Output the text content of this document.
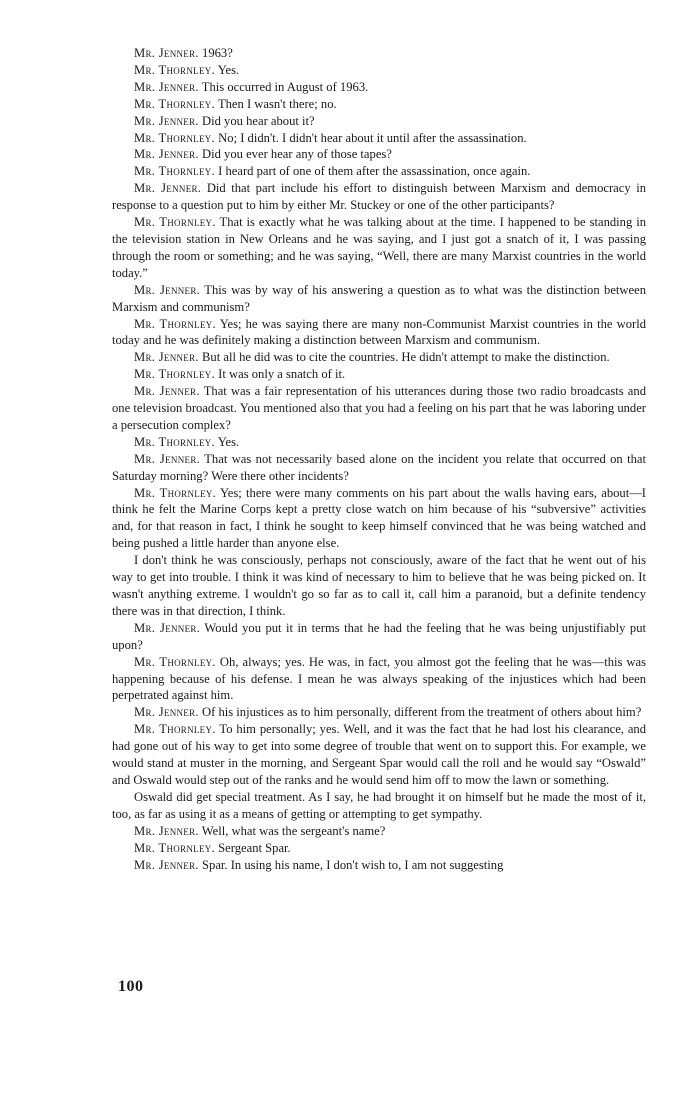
Mr. Jenner. 1963?

Mr. Thornley. Yes.

Mr. Jenner. This occurred in August of 1963.

Mr. Thornley. Then I wasn't there; no.

Mr. Jenner. Did you hear about it?

Mr. Thornley. No; I didn't. I didn't hear about it until after the assassination.

Mr. Jenner. Did you ever hear any of those tapes?

Mr. Thornley. I heard part of one of them after the assassination, once again.

Mr. Jenner. Did that part include his effort to distinguish between Marxism and democracy in response to a question put to him by either Mr. Stuckey or one of the other participants?

Mr. Thornley. That is exactly what he was talking about at the time. I happened to be standing in the television station in New Orleans and he was saying, and I just got a snatch of it, I was passing through the room or something; and he was saying, “Well, there are many Marxist countries in the world today.”

Mr. Jenner. This was by way of his answering a question as to what was the distinction between Marxism and communism?

Mr. Thornley. Yes; he was saying there are many non-Communist Marxist countries in the world today and he was definitely making a distinction between Marxism and communism.

Mr. Jenner. But all he did was to cite the countries. He didn't attempt to make the distinction.

Mr. Thornley. It was only a snatch of it.

Mr. Jenner. That was a fair representation of his utterances during those two radio broadcasts and one television broadcast. You mentioned also that you had a feeling on his part that he was laboring under a persecution complex?

Mr. Thornley. Yes.

Mr. Jenner. That was not necessarily based alone on the incident you relate that occurred on that Saturday morning? Were there other incidents?

Mr. Thornley. Yes; there were many comments on his part about the walls having ears, about—I think he felt the Marine Corps kept a pretty close watch on him because of his “subversive” activities and, for that reason in fact, I think he sought to keep himself convinced that he was being watched and being pushed a little harder than anyone else.

I don't think he was consciously, perhaps not consciously, aware of the fact that he went out of his way to get into trouble. I think it was kind of necessary to him to believe that he was being picked on. It wasn't anything extreme. I wouldn't go so far as to call it, call him a paranoid, but a definite tendency there was in that direction, I think.

Mr. Jenner. Would you put it in terms that he had the feeling that he was being unjustifiably put upon?

Mr. Thornley. Oh, always; yes. He was, in fact, you almost got the feeling that he was—this was happening because of his defense. I mean he was always speaking of the injustices which had been perpetrated against him.

Mr. Jenner. Of his injustices as to him personally, different from the treatment of others about him?

Mr. Thornley. To him personally; yes. Well, and it was the fact that he had lost his clearance, and had gone out of his way to get into some degree of trouble that went on to support this. For example, we would stand at muster in the morning, and Sergeant Spar would call the roll and he would say “Oswald” and Oswald would step out of the ranks and he would send him off to mow the lawn or something.

Oswald did get special treatment. As I say, he had brought it on himself but he made the most of it, too, as far as using it as a means of getting or attempting to get sympathy.

Mr. Jenner. Well, what was the sergeant's name?

Mr. Thornley. Sergeant Spar.

Mr. Jenner. Spar. In using his name, I don't wish to, I am not suggesting

100
